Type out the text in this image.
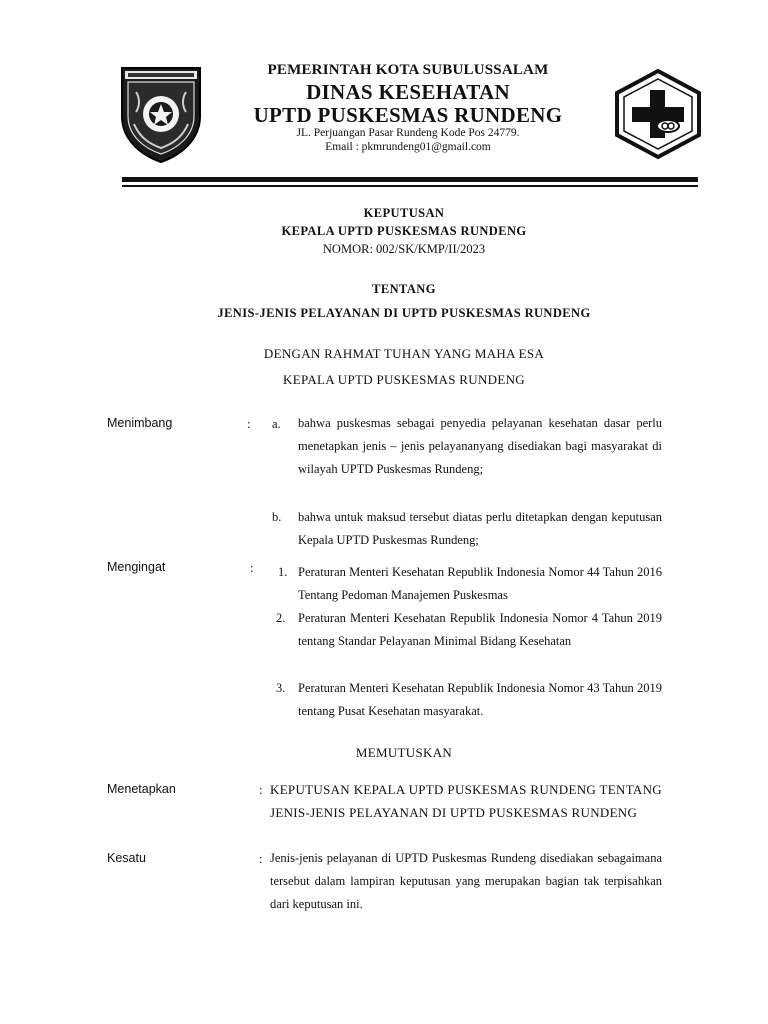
PEMERINTAH KOTA SUBULUSSALAM
DINAS KESEHATAN
UPTD PUSKESMAS RUNDENG
JL. Perjuangan Pasar Rundeng Kode Pos 24779.
Email : pkmrundeng01@gmail.com
KEPUTUSAN
KEPALA UPTD PUSKESMAS RUNDENG
NOMOR: 002/SK/KMP/II/2023
TENTANG
JENIS-JENIS PELAYANAN DI UPTD PUSKESMAS RUNDENG
DENGAN RAHMAT TUHAN YANG MAHA ESA
KEPALA UPTD PUSKESMAS RUNDENG
Menimbang	: a. bahwa puskesmas sebagai penyedia pelayanan kesehatan dasar perlu menetapkan jenis – jenis pelayananyang disediakan bagi masyarakat di wilayah UPTD Puskesmas Rundeng;
b. bahwa untuk maksud tersebut diatas perlu ditetapkan dengan keputusan Kepala UPTD Puskesmas Rundeng;
Mengingat	: 1. Peraturan Menteri Kesehatan Republik Indonesia Nomor 44 Tahun 2016 Tentang Pedoman Manajemen Puskesmas
2. Peraturan Menteri Kesehatan Republik Indonesia Nomor 4 Tahun 2019 tentang Standar Pelayanan Minimal Bidang Kesehatan
3. Peraturan Menteri Kesehatan Republik Indonesia Nomor 43 Tahun 2019 tentang Pusat Kesehatan masyarakat.
MEMUTUSKAN
Menetapkan	: KEPUTUSAN KEPALA UPTD PUSKESMAS RUNDENG TENTANG JENIS-JENIS PELAYANAN DI UPTD PUSKESMAS RUNDENG
Kesatu	: Jenis-jenis pelayanan di UPTD Puskesmas Rundeng disediakan sebagaimana tersebut dalam lampiran keputusan yang merupakan bagian tak terpisahkan dari keputusan ini.
